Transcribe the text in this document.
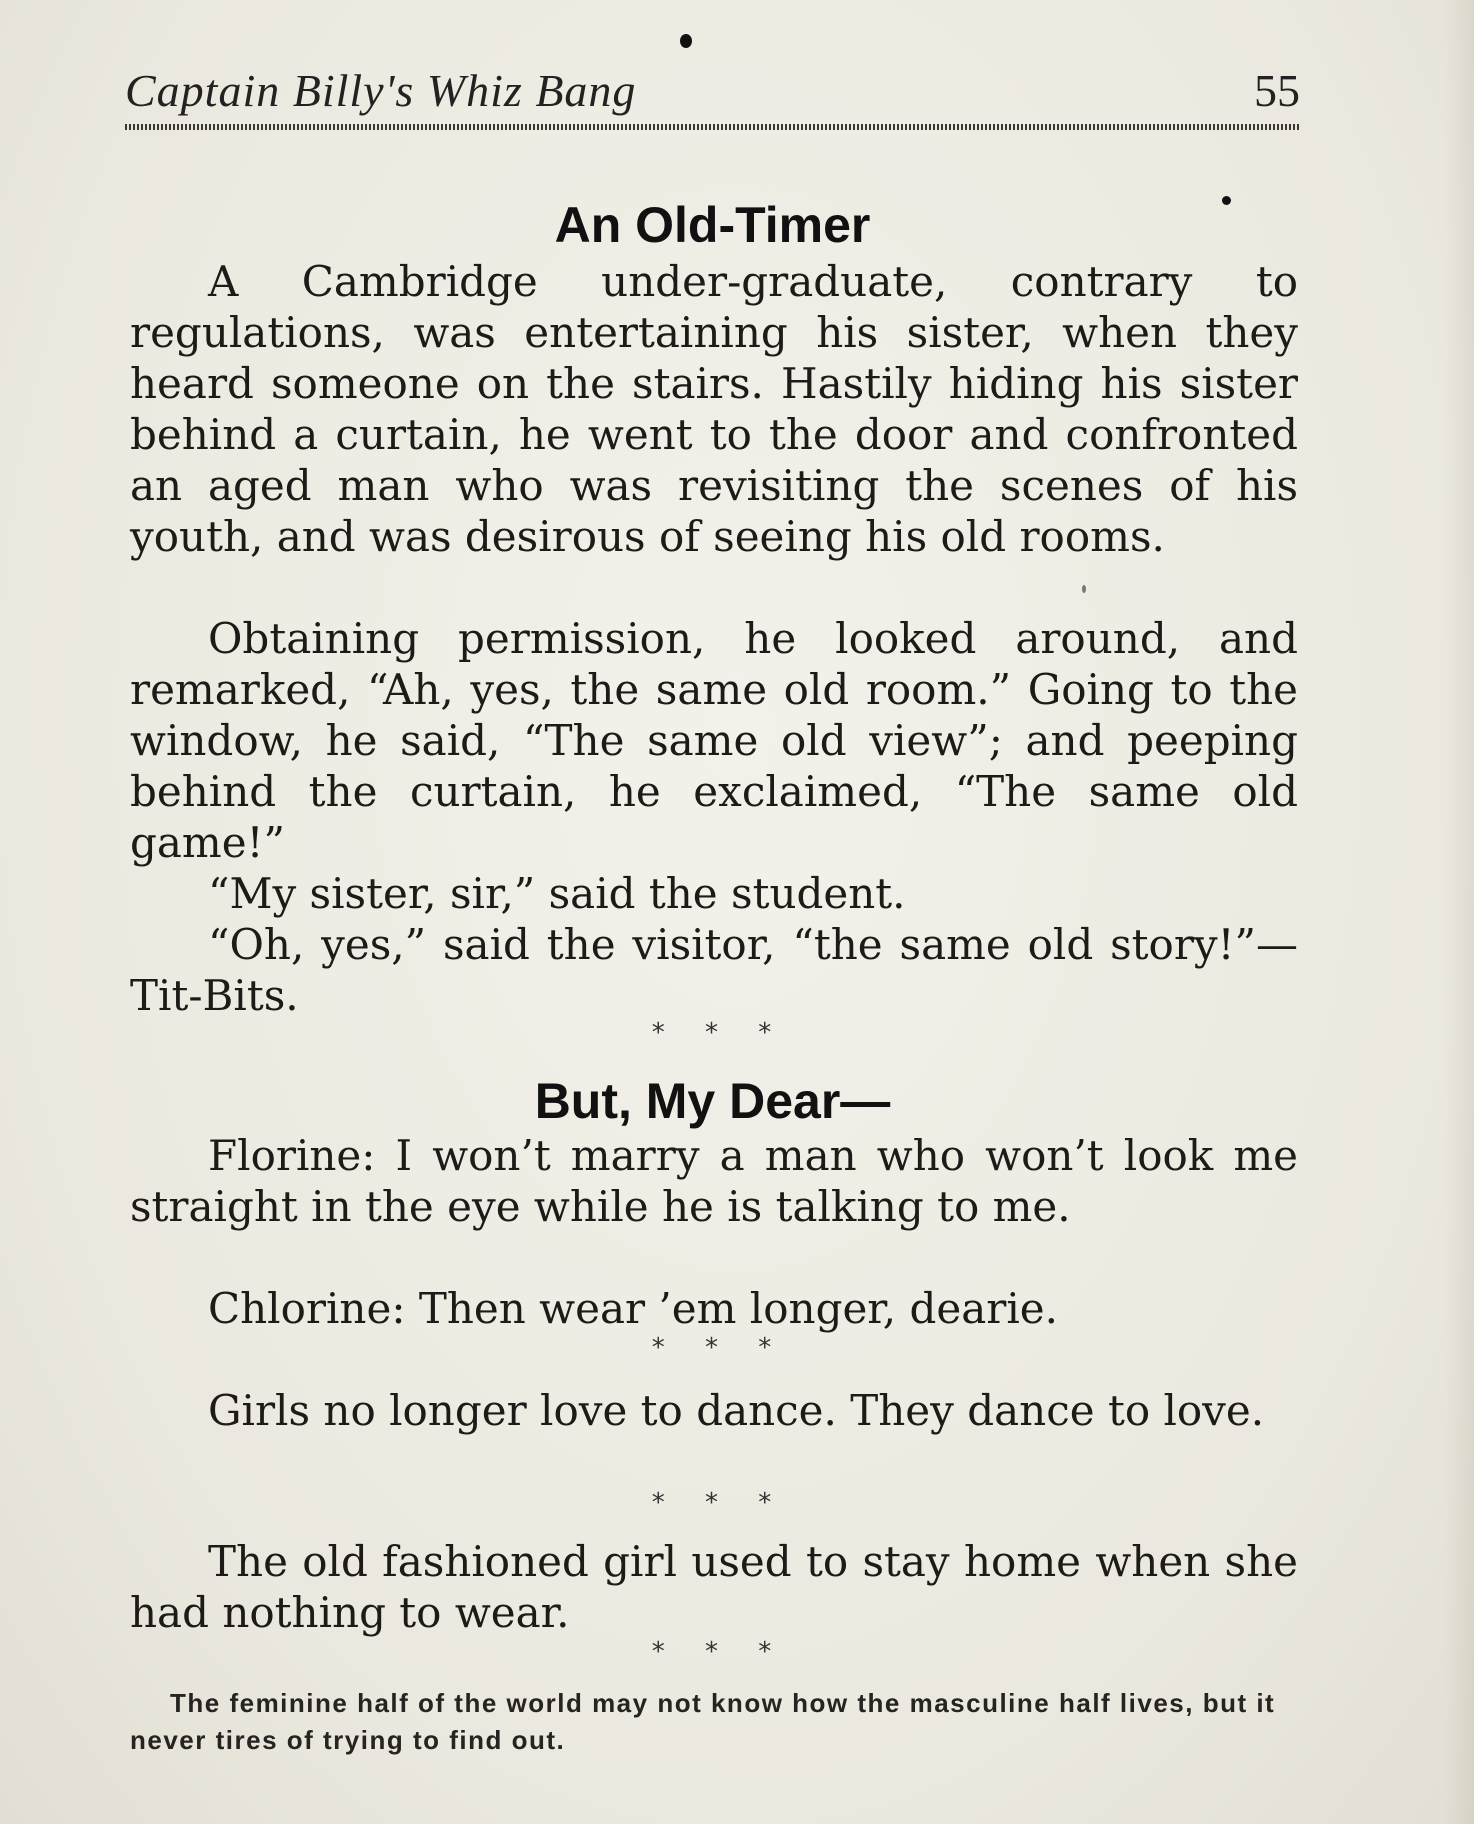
Captain Billy's Whiz Bang	55
An Old-Timer

A Cambridge under-graduate, contrary to regulations, was entertaining his sister, when they heard someone on the stairs. Hastily hiding his sister behind a curtain, he went to the door and confronted an aged man who was revisiting the scenes of his youth, and was desirous of seeing his old rooms.

Obtaining permission, he looked around, and remarked, “Ah, yes, the same old room.” Going to the window, he said, “The same old view”; and peeping behind the curtain, he exclaimed, “The same old game!”

“My sister, sir,” said the student.

“Oh, yes,” said the visitor, “the same old story!”—Tit-Bits.

* * *
But, My Dear—

Florine: I won’t marry a man who won’t look me straight in the eye while he is talking to me.

Chlorine: Then wear ’em longer, dearie.

* * *

Girls no longer love to dance. They dance to love.

* * *

The old fashioned girl used to stay home when she had nothing to wear.

* * *
The feminine half of the world may not know how the masculine half lives, but it never tires of trying to find out.
